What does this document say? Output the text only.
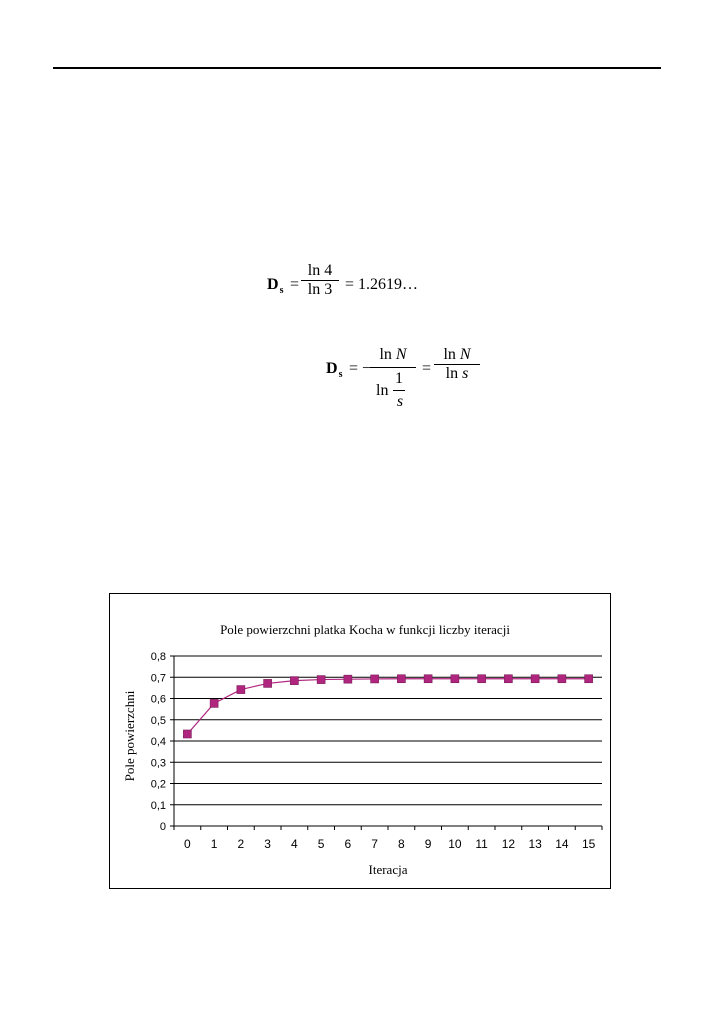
$D_s = \frac{\ln 4}{\ln 3}$ = 1.2619…
$D_s$ = −
ln N
ln
1
s
= $\frac{\text{ln N}}{\text{ln s}}$
Pole powierzchni platka Kocha w funkcji liczby iteracji
Pole powierzchni
Iteracja
0
0,1
0,2
0,3
0,4
0,5
0,6
0,7
0,8
0 1 2 3 4 5 6 7 8 9 10 11 12 13 14 15
